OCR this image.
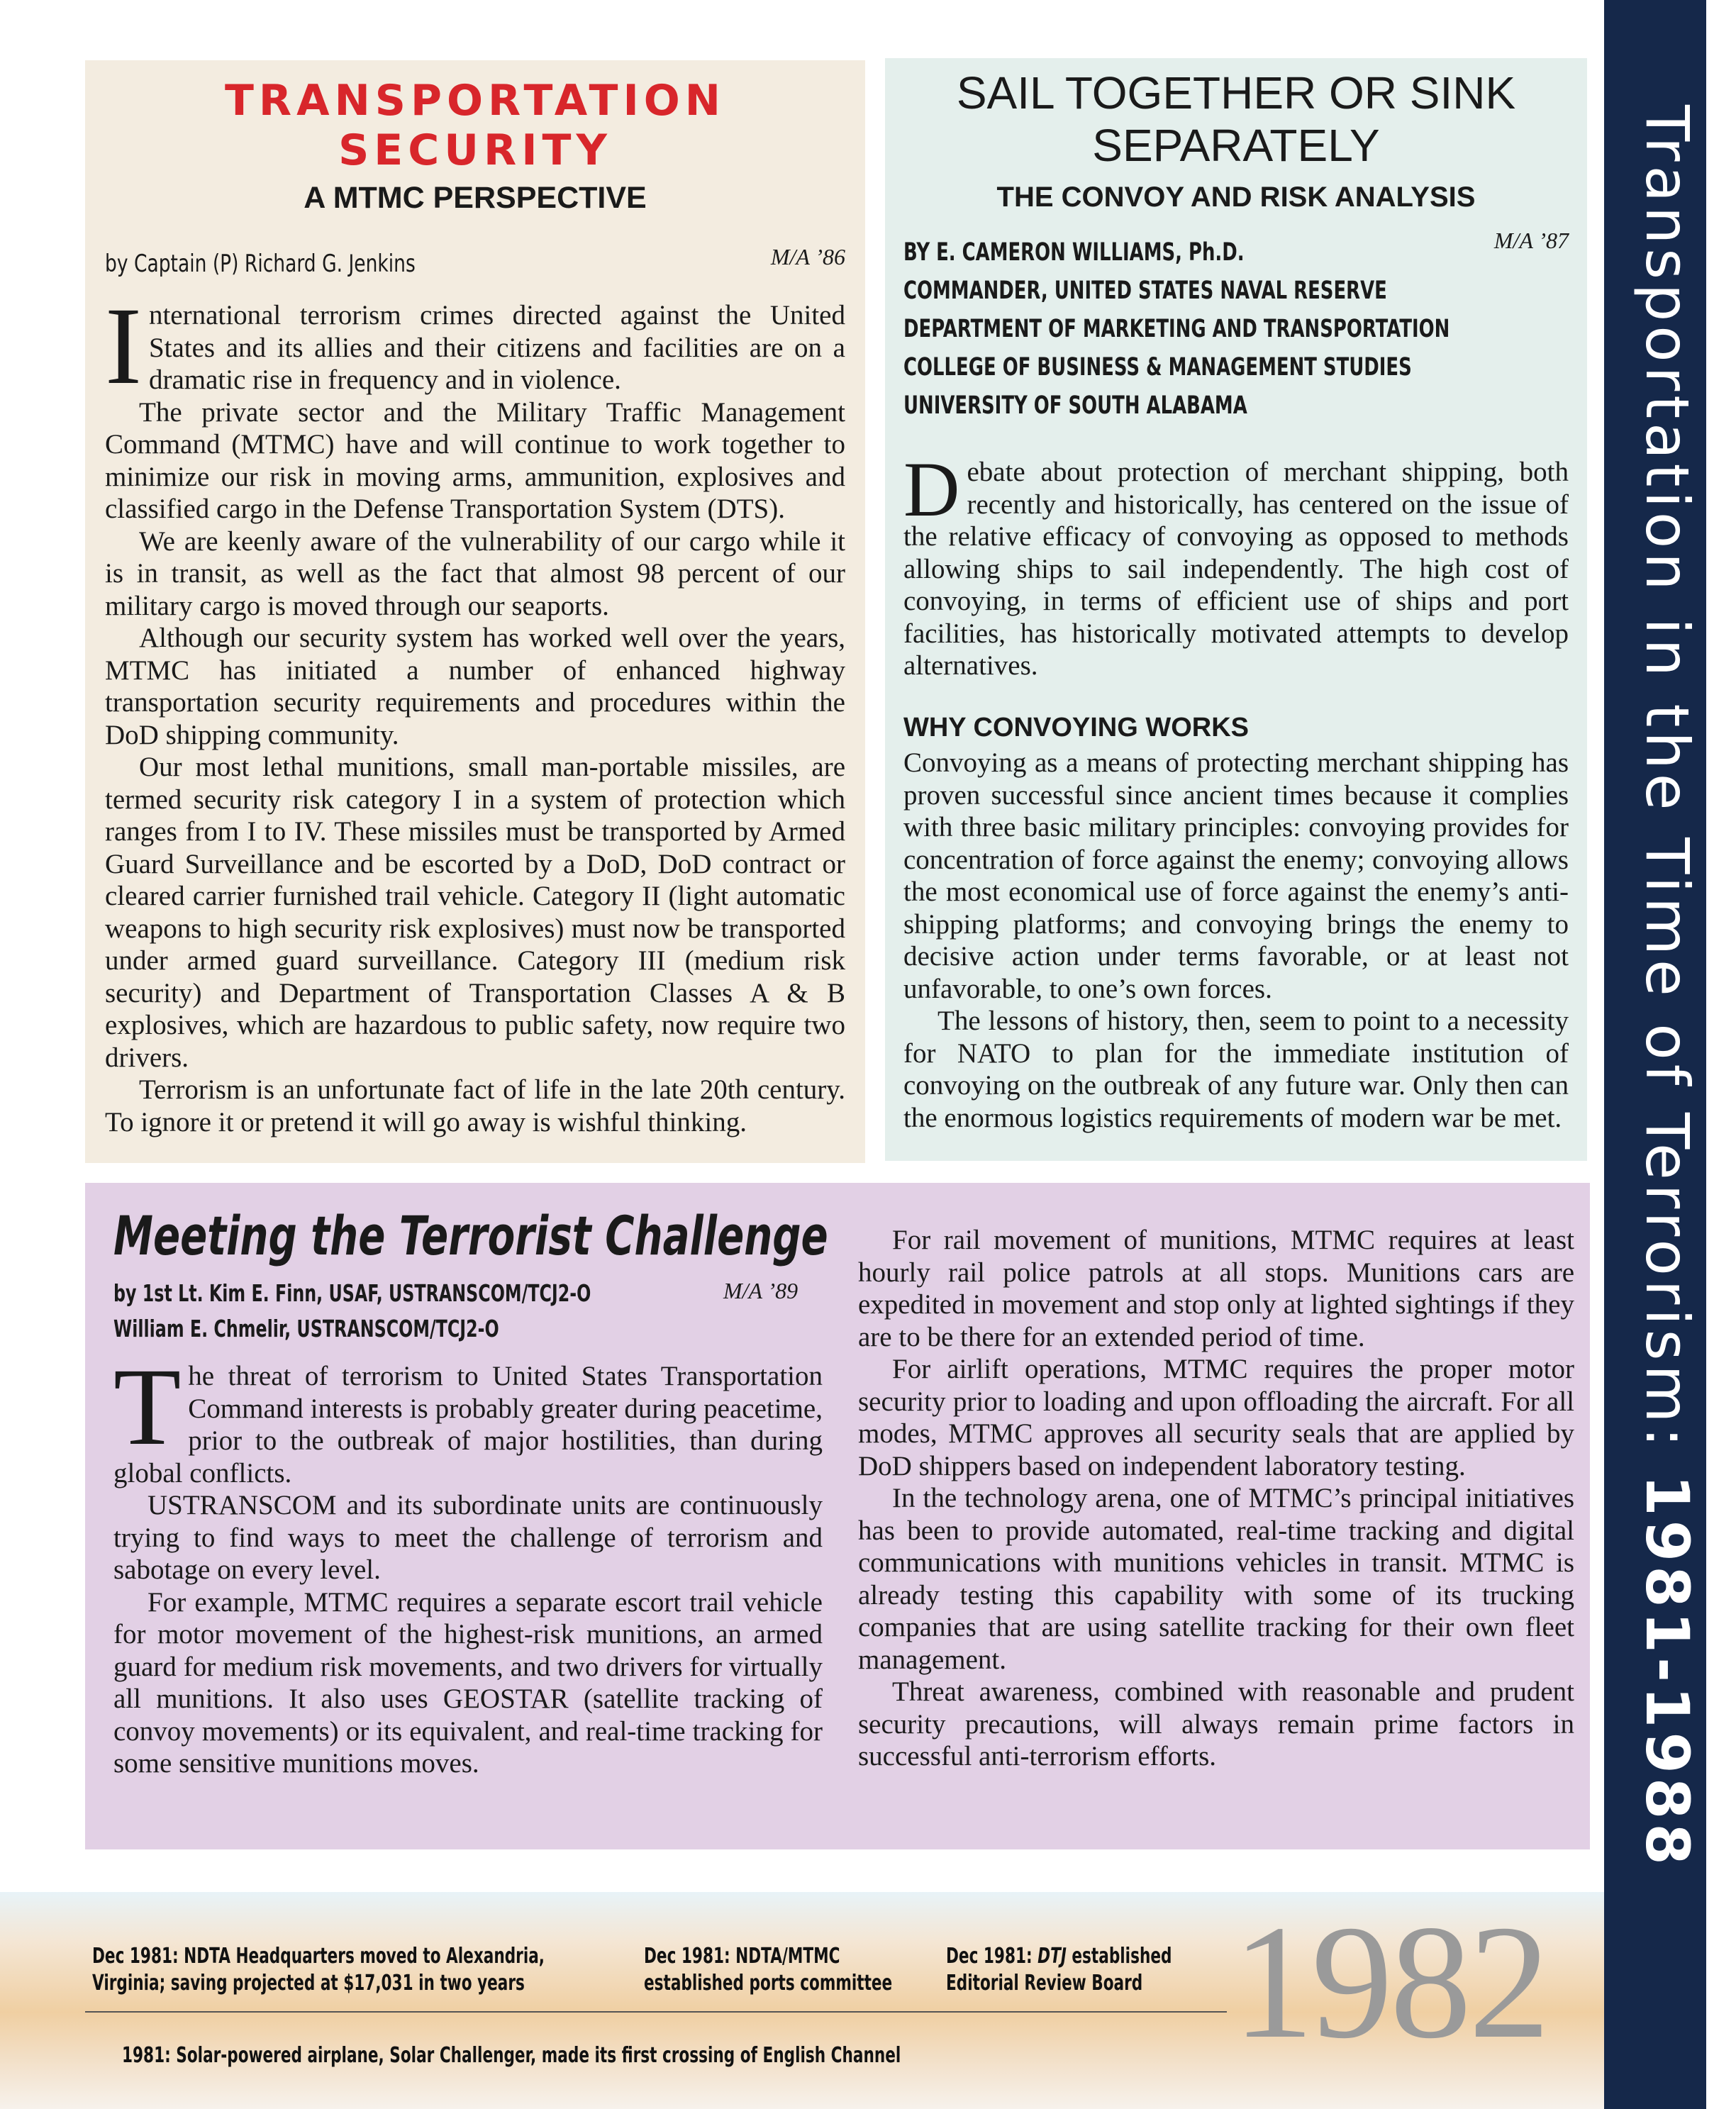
TRANSPORTATION SECURITY
A MTMC PERSPECTIVE
by Captain (P) Richard G. Jenkins	M/A ’86

International terrorism crimes directed against the United States and its allies and their citizens and facilities are on a dramatic rise in frequency and in violence.

The private sector and the Military Traffic Management Command (MTMC) have and will continue to work together to minimize our risk in moving arms, ammunition, explosives and classified cargo in the Defense Transportation System (DTS).

We are keenly aware of the vulnerability of our cargo while it is in transit, as well as the fact that almost 98 percent of our military cargo is moved through our seaports.

Although our security system has worked well over the years, MTMC has initiated a number of enhanced highway transportation security requirements and procedures within the DoD shipping community.

Our most lethal munitions, small man-portable missiles, are termed security risk category I in a system of protection which ranges from I to IV. These missiles must be transported by Armed Guard Surveillance and be escorted by a DoD, DoD contract or cleared carrier furnished trail vehicle. Category II (light automatic weapons to high security risk explosives) must now be transported under armed guard surveillance. Category III (medium risk security) and Department of Transportation Classes A & B explosives, which are hazardous to public safety, now require two drivers.

Terrorism is an unfortunate fact of life in the late 20th century. To ignore it or pretend it will go away is wishful thinking.

SAIL TOGETHER OR SINK
SEPARATELY
THE CONVOY AND RISK ANALYSIS
M/A ’87
BY E. CAMERON WILLIAMS, Ph.D.
COMMANDER, UNITED STATES NAVAL RESERVE
DEPARTMENT OF MARKETING AND TRANSPORTATION
COLLEGE OF BUSINESS & MANAGEMENT STUDIES
UNIVERSITY OF SOUTH ALABAMA

Debate about protection of merchant shipping, both recently and historically, has centered on the issue of the relative efficacy of convoying as opposed to methods allowing ships to sail independently. The high cost of convoying, in terms of efficient use of ships and port facilities, has historically motivated attempts to develop alternatives.

WHY CONVOYING WORKS

Convoying as a means of protecting merchant shipping has proven successful since ancient times because it complies with three basic military principles: convoying provides for concentration of force against the enemy; convoying allows the most economical use of force against the enemy’s anti-shipping platforms; and convoying brings the enemy to decisive action under terms favorable, or at least not unfavorable, to one’s own forces.

The lessons of history, then, seem to point to a necessity for NATO to plan for the immediate institution of convoying on the outbreak of any future war. Only then can the enormous logistics requirements of modern war be met.

Meeting the Terrorist Challenge
by 1st Lt. Kim E. Finn, USAF, USTRANSCOM/TCJ2-O
William E. Chmelir, USTRANSCOM/TCJ2-O
M/A ’89

The threat of terrorism to United States Transportation Command interests is probably greater during peacetime, prior to the outbreak of major hostilities, than during global conflicts.

USTRANSCOM and its subordinate units are continuously trying to find ways to meet the challenge of terrorism and sabotage on every level.

For example, MTMC requires a separate escort trail vehicle for motor movement of the highest-risk munitions, an armed guard for medium risk movements, and two drivers for virtually all munitions. It also uses GEOSTAR (satellite tracking of convoy movements) or its equivalent, and real-time tracking for some sensitive munitions moves.

For rail movement of munitions, MTMC requires at least hourly rail police patrols at all stops. Munitions cars are expedited in movement and stop only at lighted sightings if they are to be there for an extended period of time.

For airlift operations, MTMC requires the proper motor security prior to loading and upon offloading the aircraft. For all modes, MTMC approves all security seals that are applied by DoD shippers based on independent laboratory testing.

In the technology arena, one of MTMC’s principal initiatives has been to provide automated, real-time tracking and digital communications with munitions vehicles in transit. MTMC is already testing this capability with some of its trucking companies that are using satellite tracking for their own fleet management.

Threat awareness, combined with reasonable and prudent security precautions, will always remain prime factors in successful anti-terrorism efforts.

Transportation in the Time of Terrorism: 1981-1988
Dec 1981: NDTA Headquarters moved to Alexandria,
Virginia; saving projected at $17,031 in two years
Dec 1981: NDTA/MTMC
established ports committee
Dec 1981: DTJ established
Editorial Review Board
1981: Solar-powered airplane, Solar Challenger, made its first crossing of English Channel 1982
